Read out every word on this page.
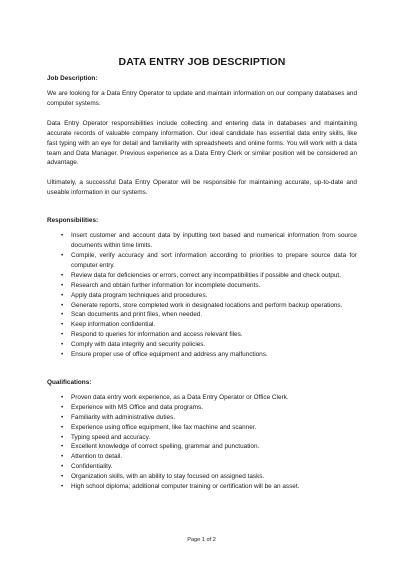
DATA ENTRY JOB DESCRIPTION
Job Description:

We are looking for a Data Entry Operator to update and maintain information on our company databases and computer systems.

Data Entry Operator responsibilities include collecting and entering data in databases and maintaining accurate records of valuable company information. Our ideal candidate has essential data entry skills, like fast typing with an eye for detail and familiarity with spreadsheets and online forms. You will work with a data team and Data Manager. Previous experience as a Data Entry Clerk or similar position will be considered an advantage.

Ultimately, a successful Data Entry Operator will be responsible for maintaining accurate, up-to-date and useable information in our systems.

Responsibilities:
• Insert customer and account data by inputting text based and numerical information from source documents within time limits.
• Compile, verify accuracy and sort information according to priorities to prepare source data for computer entry.
• Review data for deficiencies or errors, correct any incompatibilities if possible and check output.
• Research and obtain further information for incomplete documents.
• Apply data program techniques and procedures.
• Generate reports, store completed work in designated locations and perform backup operations.
• Scan documents and print files, when needed.
• Keep information confidential.
• Respond to queries for information and access relevant files.
• Comply with data integrity and security policies.
• Ensure proper use of office equipment and address any malfunctions.
Qualifications:
• Proven data entry work experience, as a Data Entry Operator or Office Clerk.
• Experience with MS Office and data programs.
• Familiarity with administrative duties.
• Experience using office equipment, like fax machine and scanner.
• Typing speed and accuracy.
• Excellent knowledge of correct spelling, grammar and punctuation.
• Attention to detail.
• Confidentiality.
• Organization skills, with an ability to stay focused on assigned tasks.
• High school diploma; additional computer training or certification will be an asset.
Page 1 of 2
